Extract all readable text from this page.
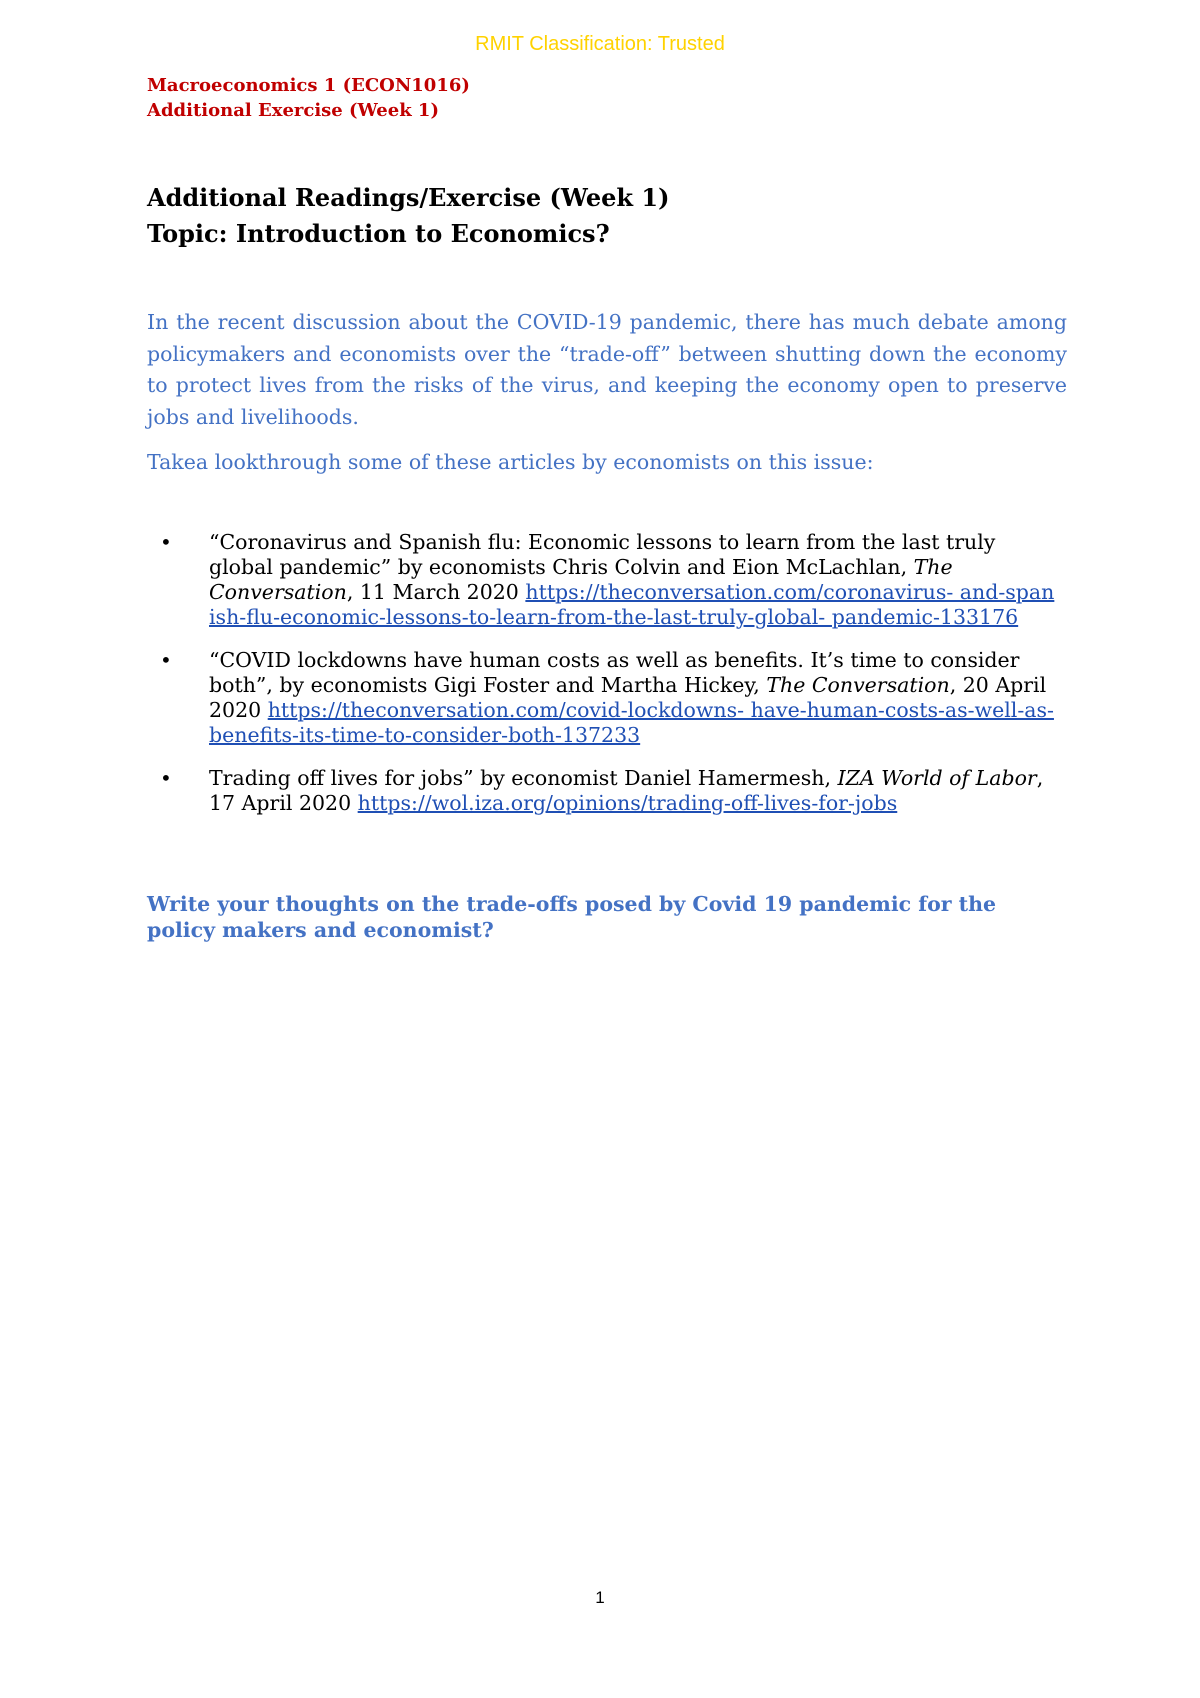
RMIT Classification: Trusted
Macroeconomics 1 (ECON1016)
Additional Exercise (Week 1)
Additional Readings/Exercise (Week 1)
Topic: Introduction to Economics?
In the recent discussion about the COVID-19 pandemic, there has much debate among policymakers and economists over the “trade-off” between shutting down the economy to protect lives from the risks of the virus, and keeping the economy open to preserve jobs and livelihoods.
Takea lookthrough some of these articles by economists on this issue:
• “Coronavirus and Spanish flu: Economic lessons to learn from the last truly global pandemic” by economists Chris Colvin and Eion McLachlan, The Conversation, 11 March 2020 https://theconversation.com/coronavirus- and-spanish-flu-economic-lessons-to-learn-from-the-last-truly-global- pandemic-133176
• “COVID lockdowns have human costs as well as benefits. It’s time to consider both”, by economists Gigi Foster and Martha Hickey, The Conversation, 20 April 2020 https://theconversation.com/covid-lockdowns- have-human-costs-as-well-as-benefits-its-time-to-consider-both-137233
• Trading off lives for jobs” by economist Daniel Hamermesh, IZA World of Labor, 17 April 2020 https://wol.iza.org/opinions/trading-off-lives-for-jobs
Write your thoughts on the trade-offs posed by Covid 19 pandemic for the policy makers and economist?
1
